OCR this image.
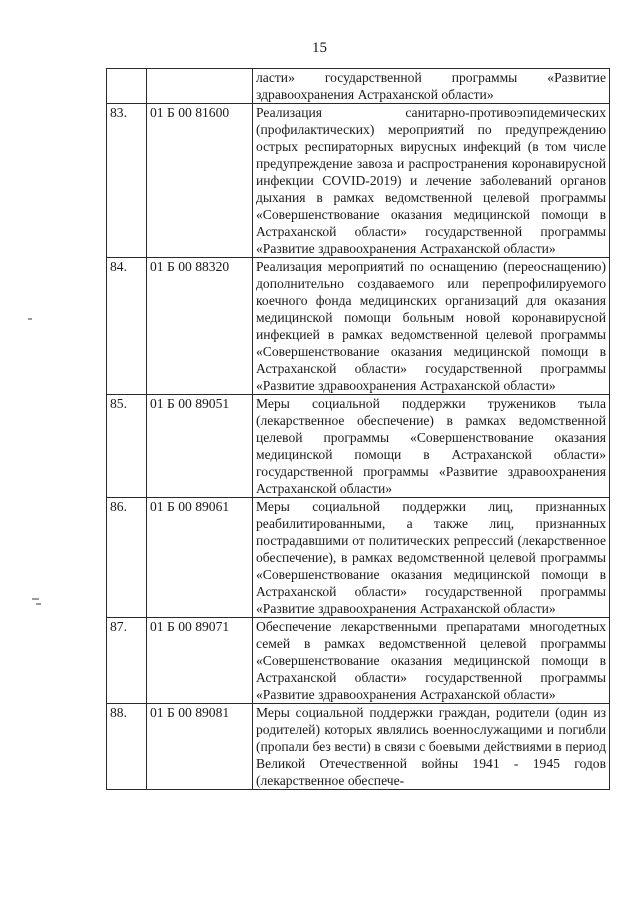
15
		ласти» государственной программы «Развитие здравоохранения Астраханской области»
83.	01 Б 00 81600	Реализация санитарно-противоэпидемических (профилактических) мероприятий по предупреждению острых респираторных вирусных инфекций (в том числе предупреждение завоза и распространения коронавирусной инфекции COVID-2019) и лечение заболеваний органов дыхания в рамках ведомственной целевой программы «Совершенствование оказания медицинской помощи в Астраханской области» государственной программы «Развитие здравоохранения Астраханской области»
84.	01 Б 00 88320	Реализация мероприятий по оснащению (переоснащению) дополнительно создаваемого или перепрофилируемого коечного фонда медицинских организаций для оказания медицинской помощи больным новой коронавирусной инфекцией в рамках ведомственной целевой программы «Совершенствование оказания медицинской помощи в Астраханской области» государственной программы «Развитие здравоохранения Астраханской области»
85.	01 Б 00 89051	Меры социальной поддержки тружеников тыла (лекарственное обеспечение) в рамках ведомственной целевой программы «Совершенствование оказания медицинской помощи в Астраханской области» государственной программы «Развитие здравоохранения Астраханской области»
86.	01 Б 00 89061	Меры социальной поддержки лиц, признанных реабилитированными, а также лиц, признанных пострадавшими от политических репрессий (лекарственное обеспечение), в рамках ведомственной целевой программы «Совершенствование оказания медицинской помощи в Астраханской области» государственной программы «Развитие здравоохранения Астраханской области»
87.	01 Б 00 89071	Обеспечение лекарственными препаратами многодетных семей в рамках ведомственной целевой программы «Совершенствование оказания медицинской помощи в Астраханской области» государственной программы «Развитие здравоохранения Астраханской области»
88.	01 Б 00 89081	Меры социальной поддержки граждан, родители (один из родителей) которых являлись военнослужащими и погибли (пропали без вести) в связи с боевыми действиями в период Великой Отечественной войны 1941 - 1945 годов (лекарственное обеспече-
